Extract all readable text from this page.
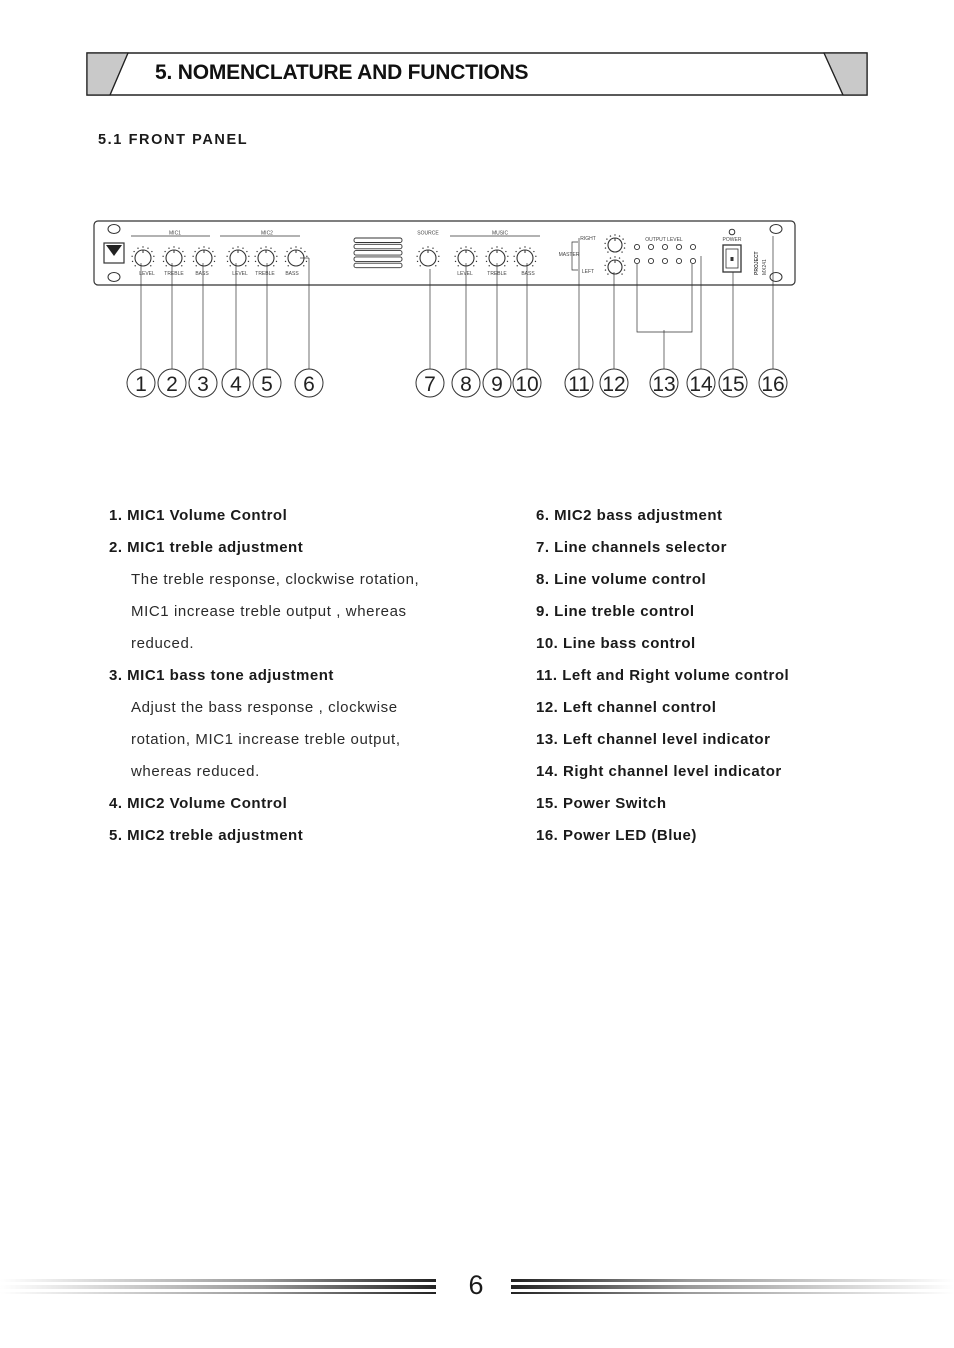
5. NOMENCLATURE AND FUNCTIONS
5.1 FRONT PANEL
MIC1	MIC2	MUSIC
SOURCE
LEVEL TREBLE BASS	LEVEL TREBLE BASS	LEVEL	TREBLE	BASS
RIGHT
LEFT
MASTER
OUTPUT LEVEL	POWER
PROJECT MX241
1 2 3 4 5 6	7 8 9 10 11 12 13 14 15 16
1. MIC1 Volume Control
2. MIC1 treble adjustment
The treble response, clockwise rotation,
MIC1 increase treble output , whereas
reduced.
3. MIC1 bass tone adjustment
Adjust the bass response , clockwise
rotation, MIC1 increase treble output,
whereas reduced.
4. MIC2 Volume Control
5. MIC2 treble adjustment
6. MIC2 bass adjustment
7. Line channels selector
8. Line volume control
9. Line treble control
10. Line bass control
11. Left and Right volume control
12. Left channel control
13. Left channel level indicator
14. Right channel level indicator
15. Power Switch
16. Power LED (Blue)
6
